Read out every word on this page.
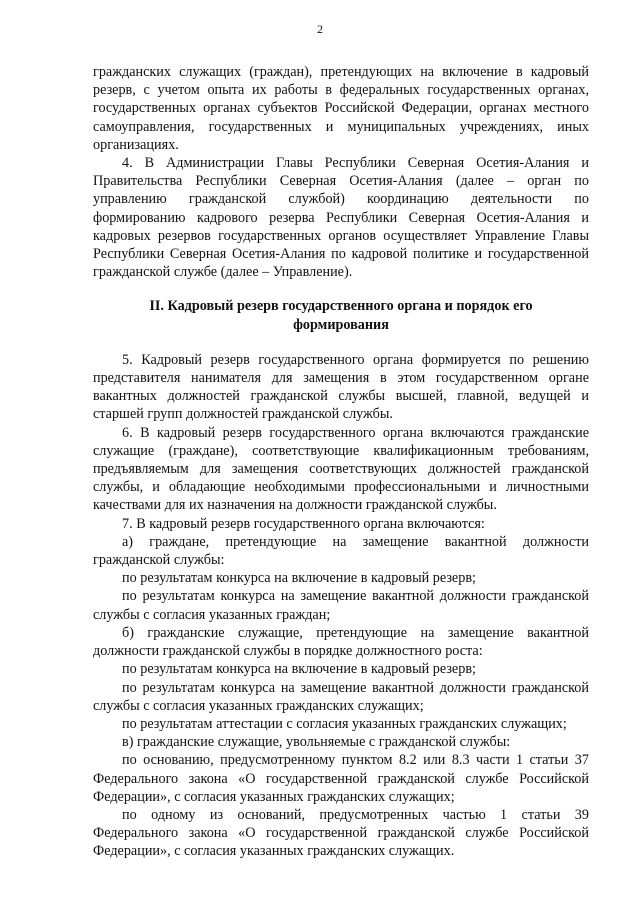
2

гражданских служащих (граждан), претендующих на включение в кадровый резерв, с учетом опыта их работы в федеральных государственных органах, государственных органах субъектов Российской Федерации, органах местного самоуправления, государственных и муниципальных учреждениях, иных организациях.

4. В Администрации Главы Республики Северная Осетия-Алания и Правительства Республики Северная Осетия-Алания (далее – орган по управлению гражданской службой) координацию деятельности по формированию кадрового резерва Республики Северная Осетия-Алания и кадровых резервов государственных органов осуществляет Управление Главы Республики Северная Осетия-Алания по кадровой политике и государственной гражданской службе (далее – Управление).

II. Кадровый резерв государственного органа и порядок его формирования

5. Кадровый резерв государственного органа формируется по решению представителя нанимателя для замещения в этом государственном органе вакантных должностей гражданской службы высшей, главной, ведущей и старшей групп должностей гражданской службы.

6. В кадровый резерв государственного органа включаются гражданские служащие (граждане), соответствующие квалификационным требованиям, предъявляемым для замещения соответствующих должностей гражданской службы, и обладающие необходимыми профессиональными и личностными качествами для их назначения на должности гражданской службы.

7. В кадровый резерв государственного органа включаются:

а) граждане, претендующие на замещение вакантной должности гражданской службы:

по результатам конкурса на включение в кадровый резерв;

по результатам конкурса на замещение вакантной должности гражданской службы с согласия указанных граждан;

б) гражданские служащие, претендующие на замещение вакантной должности гражданской службы в порядке должностного роста:

по результатам конкурса на включение в кадровый резерв;

по результатам конкурса на замещение вакантной должности гражданской службы с согласия указанных гражданских служащих;

по результатам аттестации с согласия указанных гражданских служащих;

в) гражданские служащие, увольняемые с гражданской службы:

по основанию, предусмотренному пунктом 8.2 или 8.3 части 1 статьи 37 Федерального закона «О государственной гражданской службе Российской Федерации», с согласия указанных гражданских служащих;

по одному из оснований, предусмотренных частью 1 статьи 39 Федерального закона «О государственной гражданской службе Российской Федерации», с согласия указанных гражданских служащих.
